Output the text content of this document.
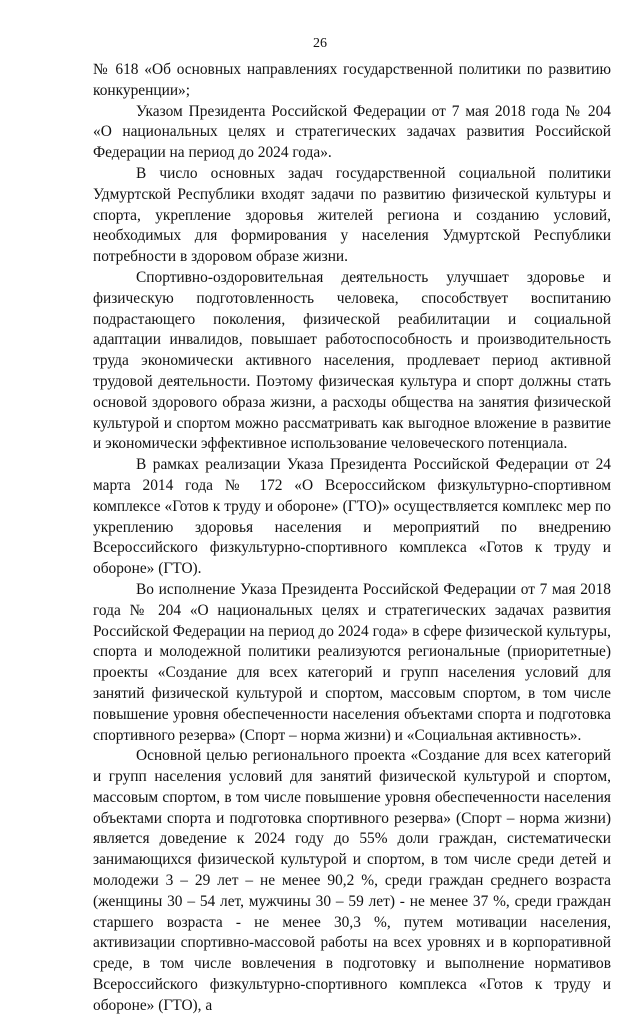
26

№ 618 «Об основных направлениях государственной политики по развитию конкуренции»;

Указом Президента Российской Федерации от 7 мая 2018 года № 204 «О национальных целях и стратегических задачах развития Российской Федерации на период до 2024 года».

В число основных задач государственной социальной политики Удмуртской Республики входят задачи по развитию физической культуры и спорта, укрепление здоровья жителей региона и созданию условий, необходимых для формирования у населения Удмуртской Республики потребности в здоровом образе жизни.

Спортивно-оздоровительная деятельность улучшает здоровье и физическую подготовленность человека, способствует воспитанию подрастающего поколения, физической реабилитации и социальной адаптации инвалидов, повышает работоспособность и производительность труда экономически активного населения, продлевает период активной трудовой деятельности. Поэтому физическая культура и спорт должны стать основой здорового образа жизни, а расходы общества на занятия физической культурой и спортом можно рассматривать как выгодное вложение в развитие и экономически эффективное использование человеческого потенциала.

В рамках реализации Указа Президента Российской Федерации от 24 марта 2014 года № 172 «О Всероссийском физкультурно-спортивном комплексе «Готов к труду и обороне» (ГТО)» осуществляется комплекс мер по укреплению здоровья населения и мероприятий по внедрению Всероссийского физкультурно-спортивного комплекса «Готов к труду и обороне» (ГТО).

Во исполнение Указа Президента Российской Федерации от 7 мая 2018 года № 204 «О национальных целях и стратегических задачах развития Российской Федерации на период до 2024 года» в сфере физической культуры, спорта и молодежной политики реализуются региональные (приоритетные) проекты «Создание для всех категорий и групп населения условий для занятий физической культурой и спортом, массовым спортом, в том числе повышение уровня обеспеченности населения объектами спорта и подготовка спортивного резерва» (Спорт – норма жизни) и «Социальная активность».

Основной целью регионального проекта «Создание для всех категорий и групп населения условий для занятий физической культурой и спортом, массовым спортом, в том числе повышение уровня обеспеченности населения объектами спорта и подготовка спортивного резерва» (Спорт – норма жизни) является доведение к 2024 году до 55% доли граждан, систематически занимающихся физической культурой и спортом, в том числе среди детей и молодежи 3 – 29 лет – не менее 90,2 %, среди граждан среднего возраста (женщины 30 – 54 лет, мужчины 30 – 59 лет) - не менее 37 %, среди граждан старшего возраста - не менее 30,3 %, путем мотивации населения, активизации спортивно-массовой работы на всех уровнях и в корпоративной среде, в том числе вовлечения в подготовку и выполнение нормативов Всероссийского физкультурно-спортивного комплекса «Готов к труду и обороне» (ГТО), а
